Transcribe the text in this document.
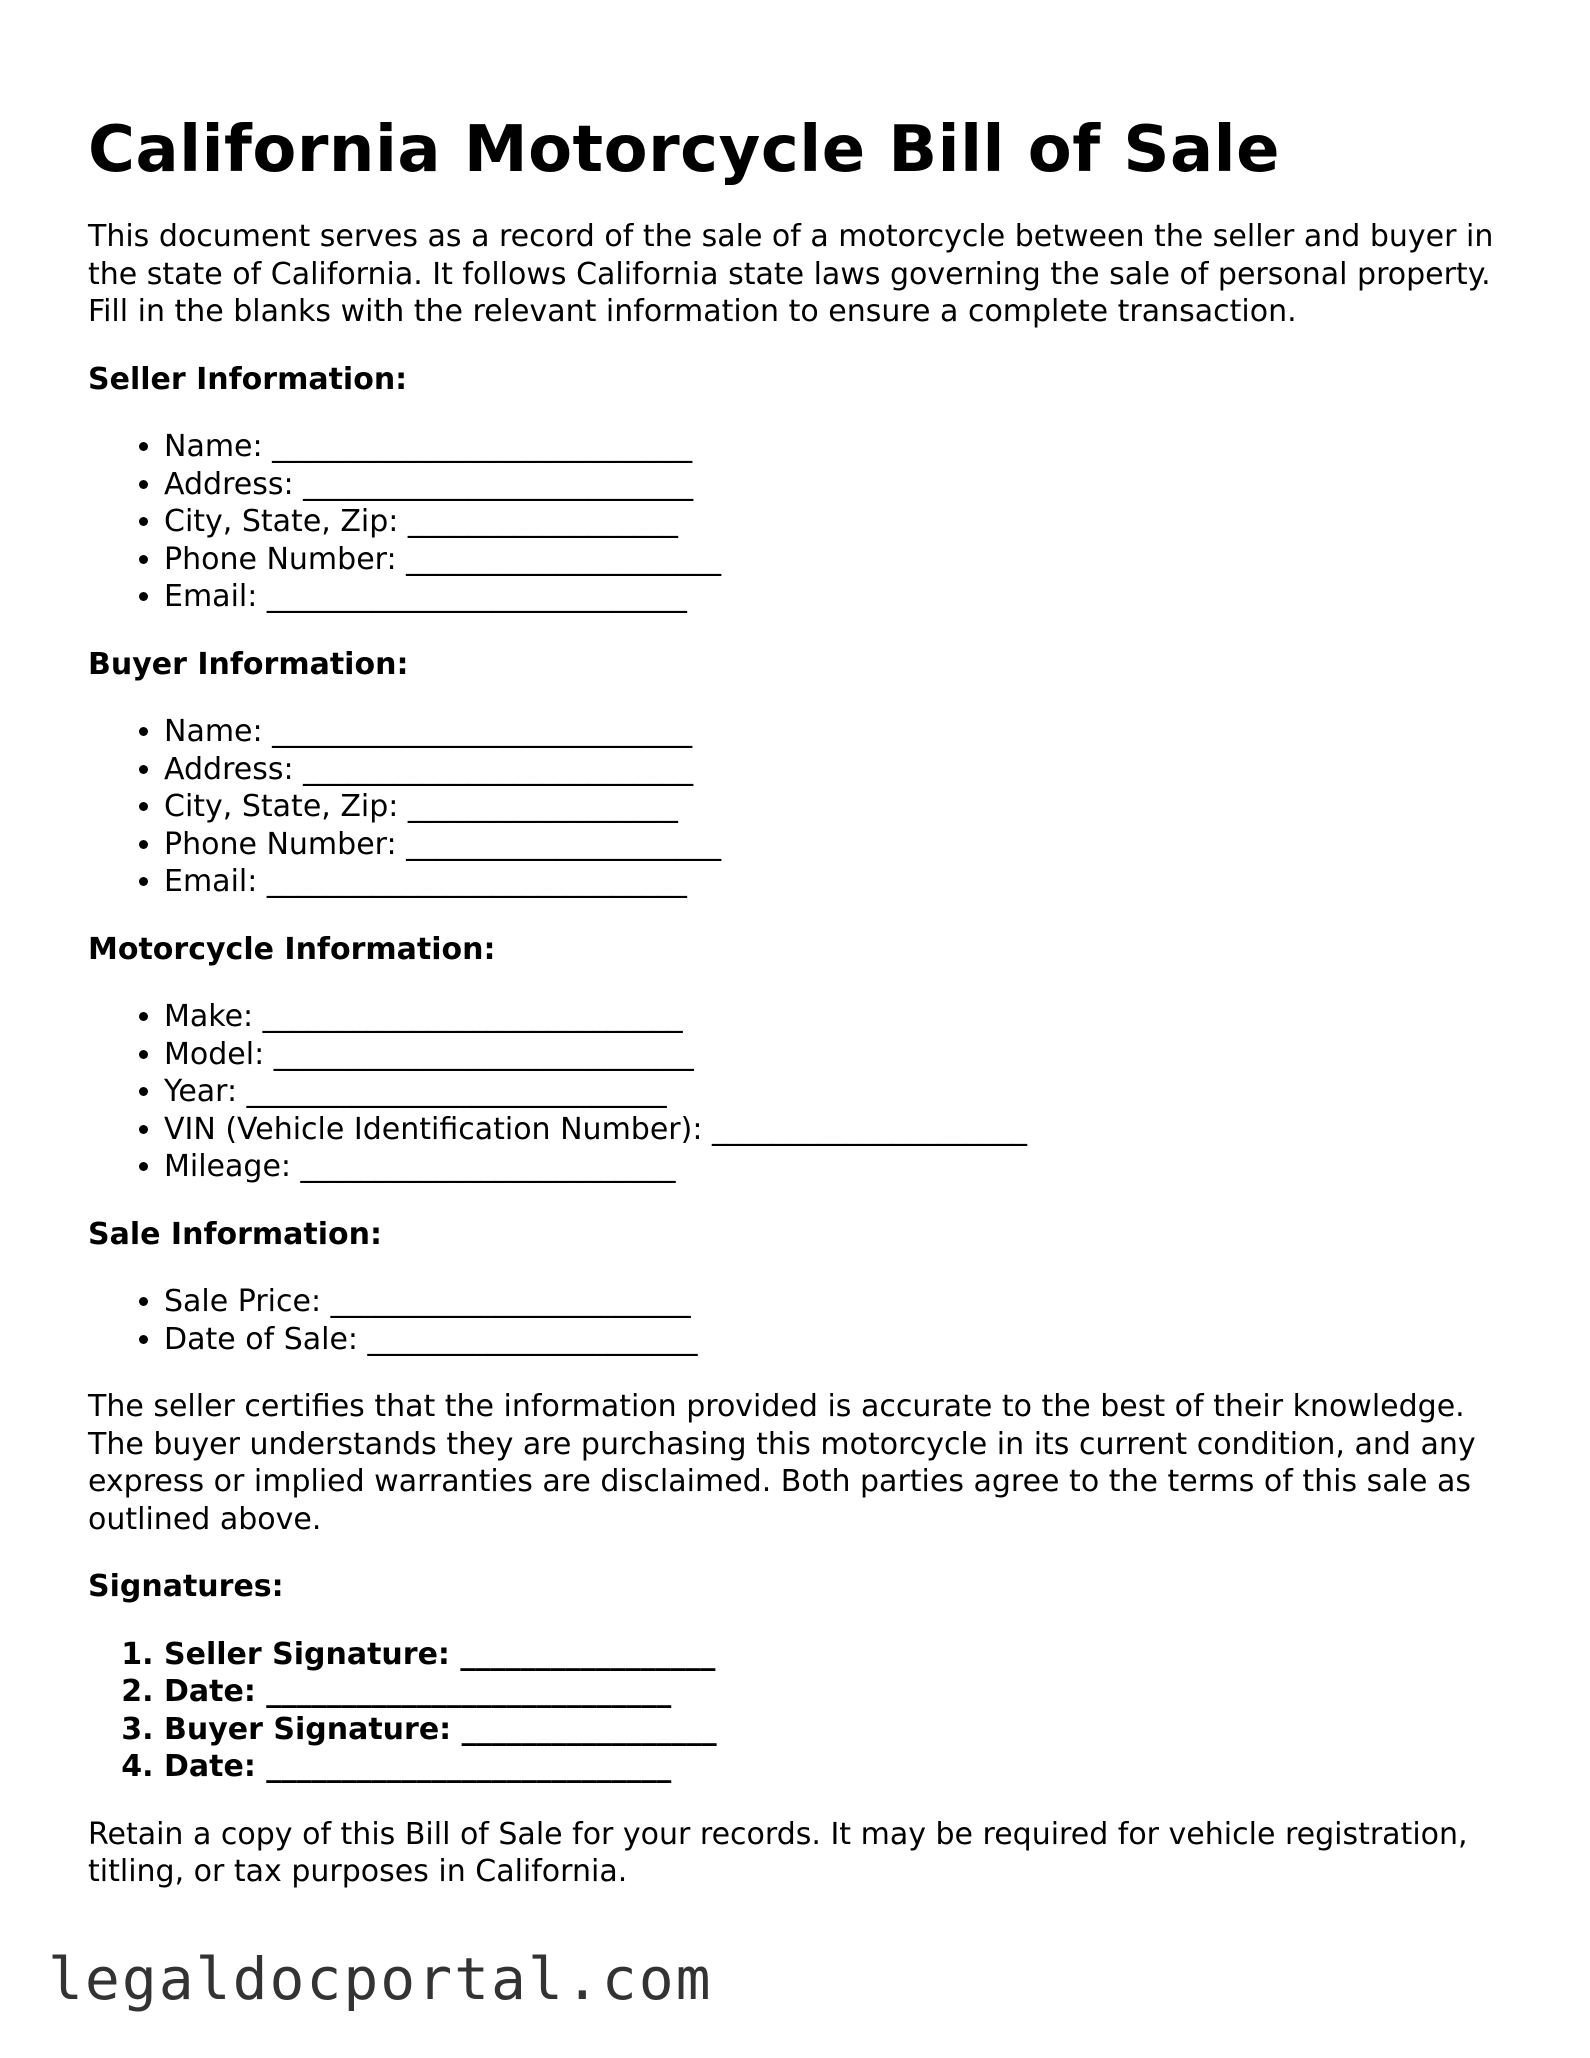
California Motorcycle Bill of Sale

This document serves as a record of the sale of a motorcycle between the seller and buyer in the state of California. It follows California state laws governing the sale of personal property. Fill in the blanks with the relevant information to ensure a complete transaction.

Seller Information:
• Name: ____________________________
• Address: __________________________
• City, State, Zip: __________________
• Phone Number: _____________________
• Email: ____________________________
Buyer Information:
• Name: ____________________________
• Address: __________________________
• City, State, Zip: __________________
• Phone Number: _____________________
• Email: ____________________________
Motorcycle Information:
• Make: ____________________________
• Model: ____________________________
• Year: ____________________________
• VIN (Vehicle Identification Number): _____________________
• Mileage: _________________________
Sale Information:
• Sale Price: ________________________
• Date of Sale: ______________________

The seller certifies that the information provided is accurate to the best of their knowledge. The buyer understands they are purchasing this motorcycle in its current condition, and any express or implied warranties are disclaimed. Both parties agree to the terms of this sale as outlined above.

Signatures:
1. Seller Signature: _________________
2. Date: ___________________________
3. Buyer Signature: _________________
4. Date: ___________________________

Retain a copy of this Bill of Sale for your records. It may be required for vehicle registration, titling, or tax purposes in California.

legaldocportal.com
